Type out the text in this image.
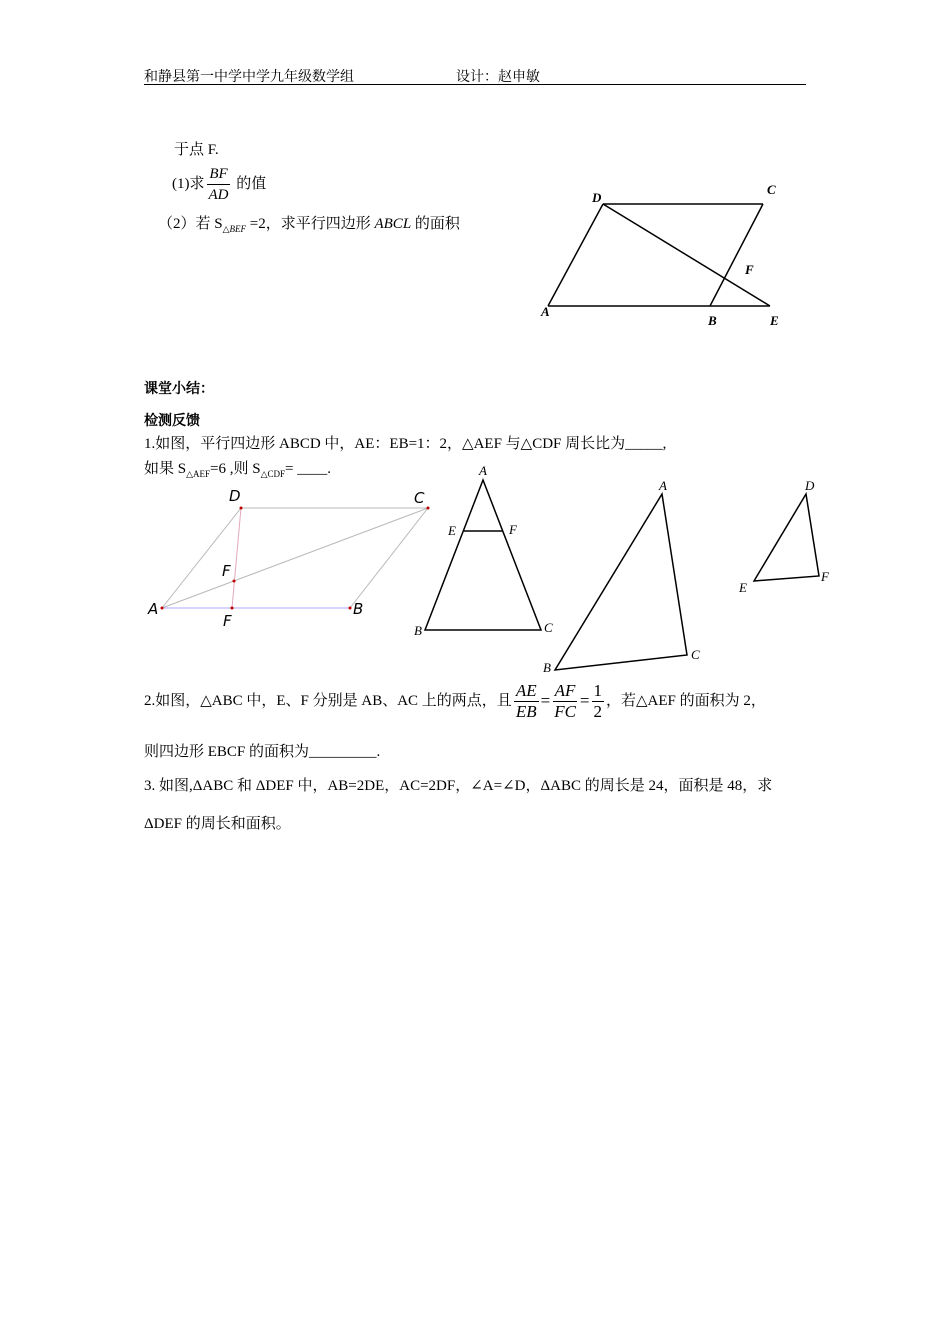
和静县第一中学中学九年级数学组	设计：赵申敏
于点 F.
(1)求 $\frac{BF}{AD}$ 的值
（2）若 $S_{\triangle BEF} =2$，求平行四边形 ABCL 的面积
D
C
F
A
B	E
课堂小结：
检测反馈
1.如图，平行四边形 ABCD 中，AE：EB=1：2，△AEF 与△CDF 周长比为_____,
如果 $S_{\triangle AEF}=6$ ,则 $S_{\triangle CDF}=$ ____.
D	C
F
A
F
B
A
E	F
B	C
A
B
C
D
E
F
2.如图，△ABC 中，E、F 分别是 AB、AC 上的两点，且 $\frac{AE}{EB} = \frac{AF}{FC} = \frac{1}{2}$ ，若△AEF 的面积为 2，
则四边形 EBCF 的面积为_________.
3. 如图,ΔABC 和 ΔDEF 中，AB=2DE，AC=2DF，∠A=∠D，ΔABC 的周长是 24，面积是 48，求
ΔDEF 的周长和面积。
